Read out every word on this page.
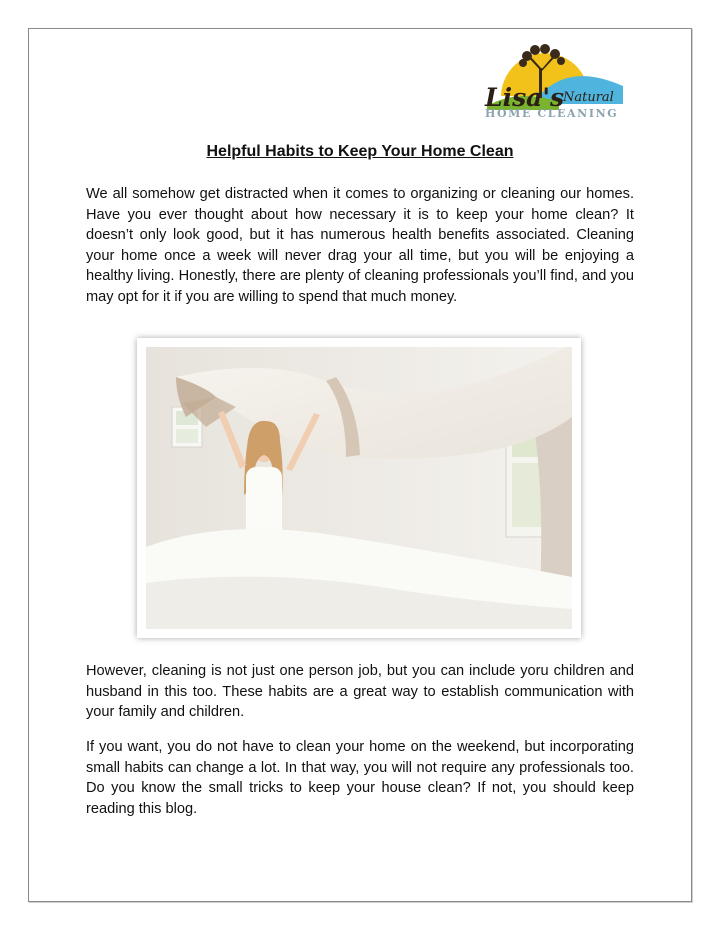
Lisa's
Natural
HOME CLEANING
Helpful Habits to Keep Your Home Clean

We all somehow get distracted when it comes to organizing or cleaning our homes. Have you ever thought about how necessary it is to keep your home clean? It doesn’t only look good, but it has numerous health benefits associated. Cleaning your home once a week will never drag your all time, but you will be enjoying a healthy living. Honestly, there are plenty of cleaning professionals you’ll find, and you may opt for it if you are willing to spend that much money.

However, cleaning is not just one person job, but you can include yoru children and husband in this too. These habits are a great way to establish communication with your family and children.

If you want, you do not have to clean your home on the weekend, but incorporating small habits can change a lot. In that way, you will not require any professionals too. Do you know the small tricks to keep your house clean? If not, you should keep reading this blog.
